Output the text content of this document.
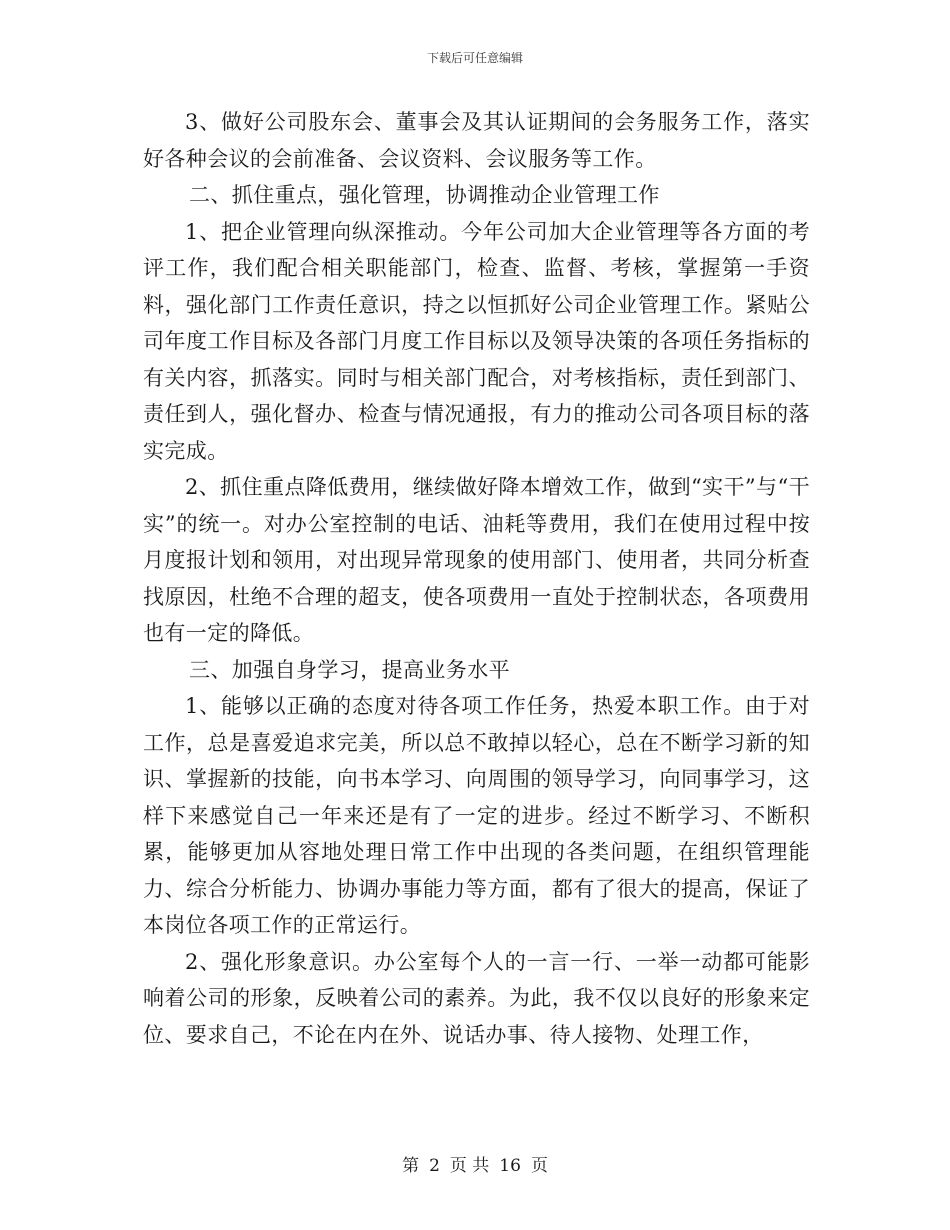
下载后可任意编辑

3、做好公司股东会、董事会及其认证期间的会务服务工作，落实好各种会议的会前准备、会议资料、会议服务等工作。

二、抓住重点，强化管理，协调推动企业管理工作

1、把企业管理向纵深推动。今年公司加大企业管理等各方面的考评工作，我们配合相关职能部门，检查、监督、考核，掌握第一手资料，强化部门工作责任意识，持之以恒抓好公司企业管理工作。紧贴公司年度工作目标及各部门月度工作目标以及领导决策的各项任务指标的有关内容，抓落实。同时与相关部门配合，对考核指标，责任到部门、责任到人，强化督办、检查与情况通报，有力的推动公司各项目标的落实完成。

2、抓住重点降低费用，继续做好降本增效工作，做到“实干”与“干实”的统一。对办公室控制的电话、油耗等费用，我们在使用过程中按月度报计划和领用，对出现异常现象的使用部门、使用者，共同分析查找原因，杜绝不合理的超支，使各项费用一直处于控制状态，各项费用也有一定的降低。

三、加强自身学习，提高业务水平

1、能够以正确的态度对待各项工作任务，热爱本职工作。由于对工作，总是喜爱追求完美，所以总不敢掉以轻心，总在不断学习新的知识、掌握新的技能，向书本学习、向周围的领导学习，向同事学习，这样下来感觉自己一年来还是有了一定的进步。经过不断学习、不断积累，能够更加从容地处理日常工作中出现的各类问题，在组织管理能力、综合分析能力、协调办事能力等方面，都有了很大的提高，保证了本岗位各项工作的正常运行。

2、强化形象意识。办公室每个人的一言一行、一举一动都可能影响着公司的形象，反映着公司的素养。为此，我不仅以良好的形象来定位、要求自己，不论在内在外、说话办事、待人接物、处理工作，

第 2 页 共 16 页
